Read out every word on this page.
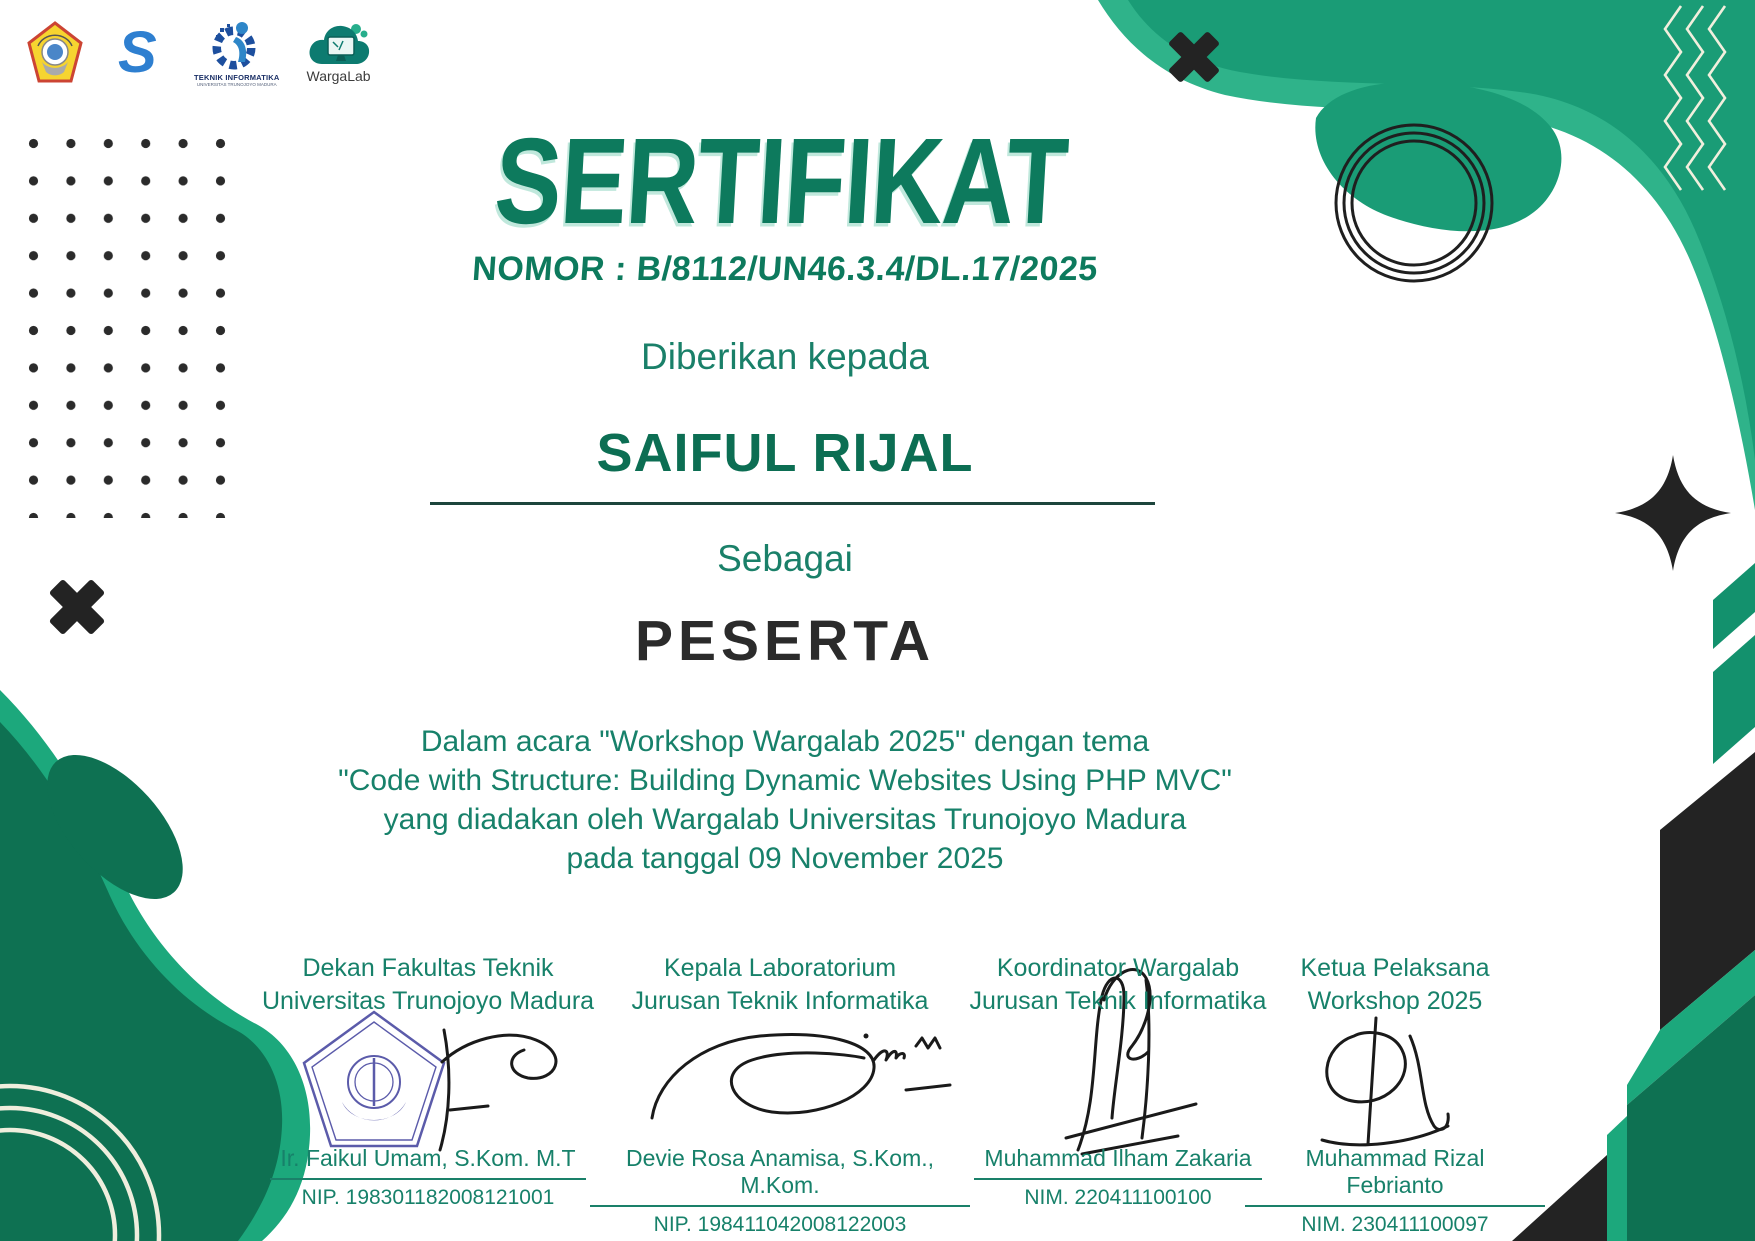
S	TEKNIK INFORMATIKA
UNIVERSITAS TRUNOJOYO MADURA
WargaLab
SERTIFIKAT
NOMOR : B/8112/UN46.3.4/DL.17/2025
Diberikan kepada
SAIFUL RIJAL
Sebagai
PESERTA
Dalam acara "Workshop Wargalab 2025" dengan tema
"Code with Structure: Building Dynamic Websites Using PHP MVC"
yang diadakan oleh Wargalab Universitas Trunojoyo Madura
pada tanggal 09 November 2025
Dekan Fakultas Teknik
Universitas Trunojoyo Madura
Ir. Faikul Umam, S.Kom. M.T
NIP. 198301182008121001
Kepala Laboratorium
Jurusan Teknik Informatika
Devie Rosa Anamisa, S.Kom., M.Kom.
NIP. 198411042008122003
Koordinator Wargalab
Jurusan Teknik Informatika
Muhammad Ilham Zakaria
NIM. 220411100100
Ketua Pelaksana
Workshop 2025
Muhammad Rizal Febrianto
NIM. 230411100097
